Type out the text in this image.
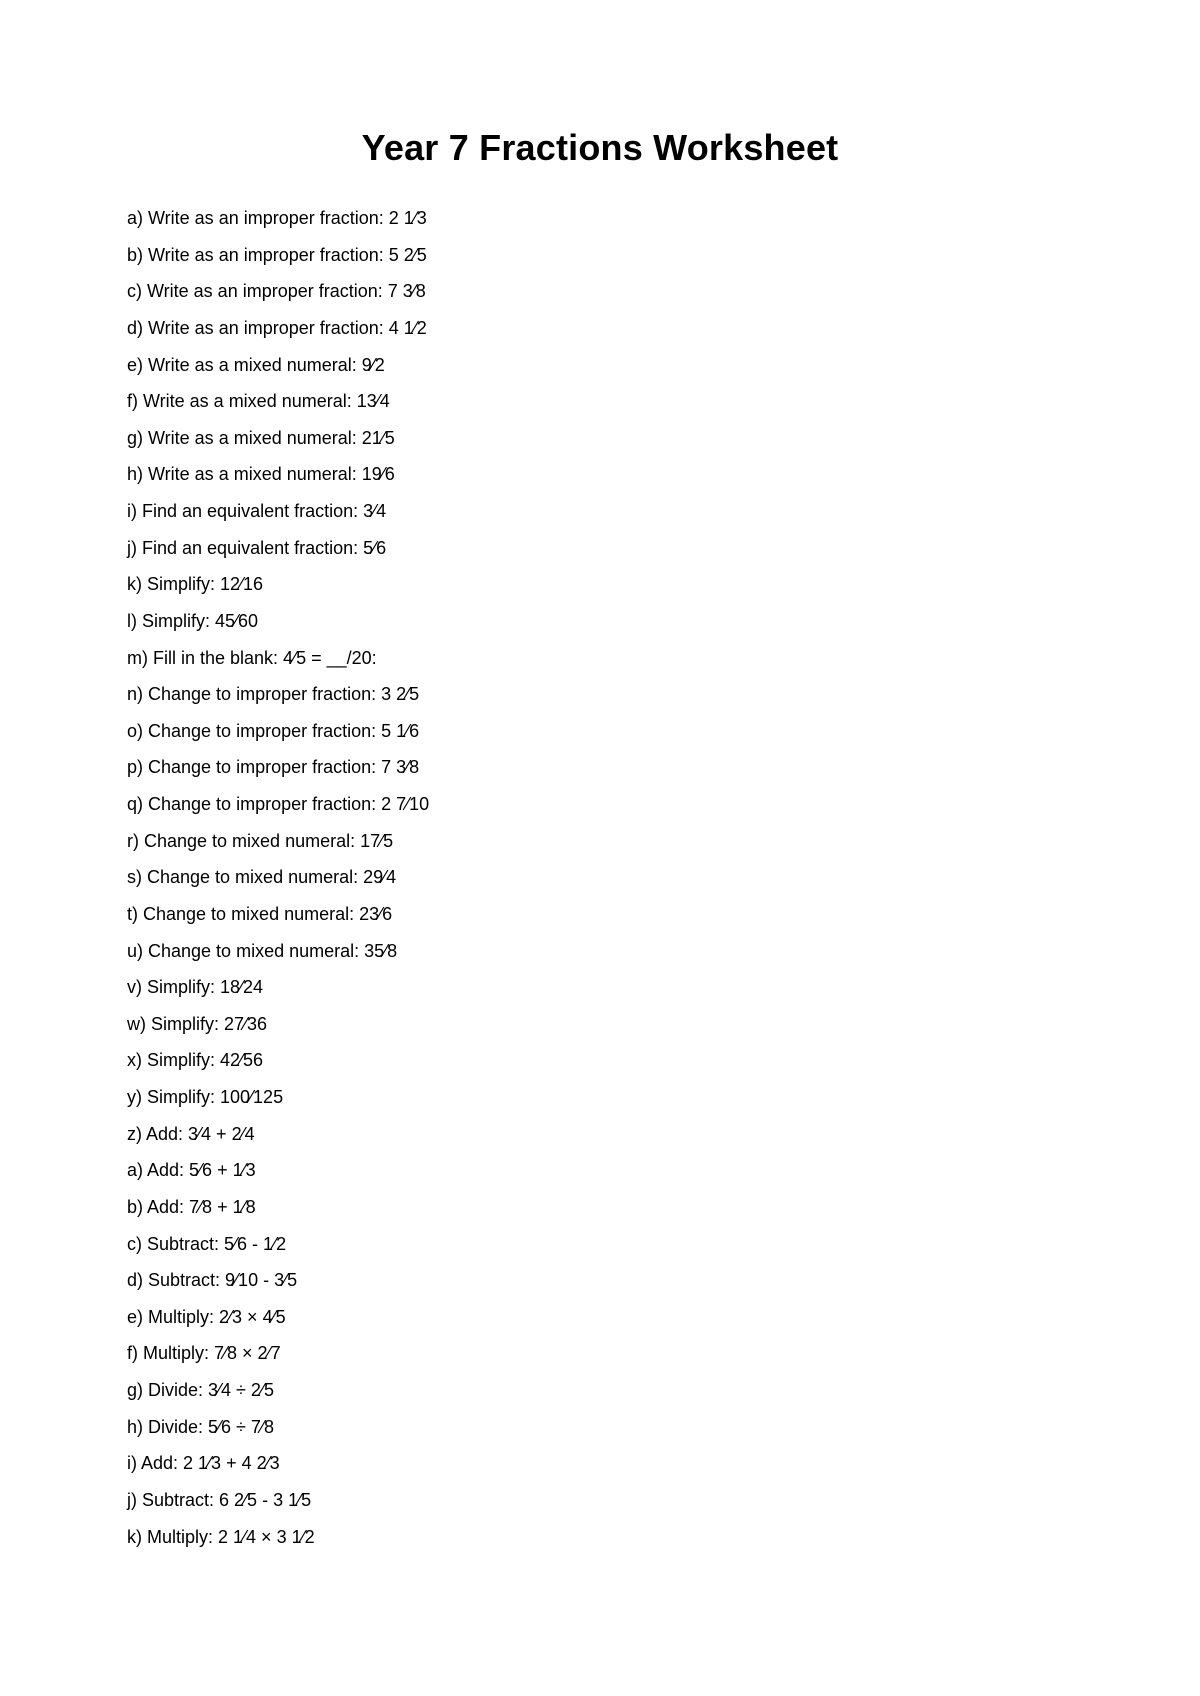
Year 7 Fractions Worksheet
a) Write as an improper fraction: 2 1⁄3
b) Write as an improper fraction: 5 2⁄5
c) Write as an improper fraction: 7 3⁄8
d) Write as an improper fraction: 4 1⁄2
e) Write as a mixed numeral: 9⁄2
f) Write as a mixed numeral: 13⁄4
g) Write as a mixed numeral: 21⁄5
h) Write as a mixed numeral: 19⁄6
i) Find an equivalent fraction: 3⁄4
j) Find an equivalent fraction: 5⁄6
k) Simplify: 12⁄16
l) Simplify: 45⁄60
m) Fill in the blank: 4⁄5 = __/20:
n) Change to improper fraction: 3 2⁄5
o) Change to improper fraction: 5 1⁄6
p) Change to improper fraction: 7 3⁄8
q) Change to improper fraction: 2 7⁄10
r) Change to mixed numeral: 17⁄5
s) Change to mixed numeral: 29⁄4
t) Change to mixed numeral: 23⁄6
u) Change to mixed numeral: 35⁄8
v) Simplify: 18⁄24
w) Simplify: 27⁄36
x) Simplify: 42⁄56
y) Simplify: 100⁄125
z) Add: 3⁄4 + 2⁄4
a) Add: 5⁄6 + 1⁄3
b) Add: 7⁄8 + 1⁄8
c) Subtract: 5⁄6 - 1⁄2
d) Subtract: 9⁄10 - 3⁄5
e) Multiply: 2⁄3 × 4⁄5
f) Multiply: 7⁄8 × 2⁄7
g) Divide: 3⁄4 ÷ 2⁄5
h) Divide: 5⁄6 ÷ 7⁄8
i) Add: 2 1⁄3 + 4 2⁄3
j) Subtract: 6 2⁄5 - 3 1⁄5
k) Multiply: 2 1⁄4 × 3 1⁄2
